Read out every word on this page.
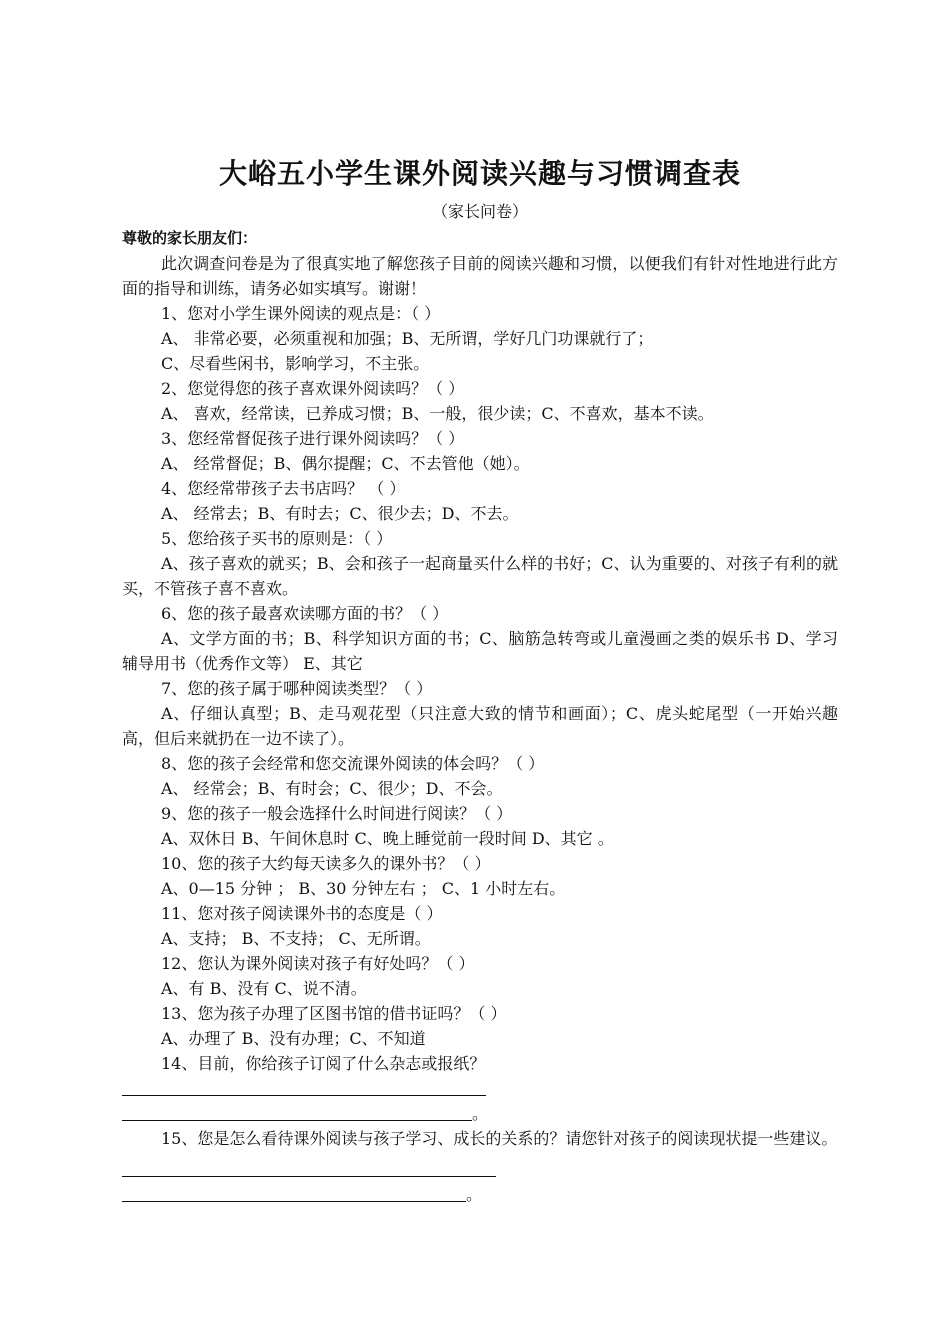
大峪五小学生课外阅读兴趣与习惯调查表
（家长问卷）
尊敬的家长朋友们：
此次调查问卷是为了很真实地了解您孩子目前的阅读兴趣和习惯，以便我们有针对性地进行此方面的指导和训练，请务必如实填写。谢谢！
1、您对小学生课外阅读的观点是：（ ）
A、 非常必要，必须重视和加强；B、无所谓，学好几门功课就行了；
C、尽看些闲书，影响学习，不主张。
2、您觉得您的孩子喜欢课外阅读吗？（ ）
A、 喜欢，经常读，已养成习惯；B、一般，很少读；C、不喜欢，基本不读。
3、您经常督促孩子进行课外阅读吗？（ ）
A、 经常督促；B、偶尔提醒；C、不去管他（她）。
4、您经常带孩子去书店吗？ （ ）
A、 经常去；B、有时去；C、很少去；D、不去。
5、您给孩子买书的原则是：（ ）
A、孩子喜欢的就买；B、会和孩子一起商量买什么样的书好；C、认为重要的、对孩子有利的就买，不管孩子喜不喜欢。
6、您的孩子最喜欢读哪方面的书？（ ）
A、文学方面的书；B、科学知识方面的书；C、脑筋急转弯或儿童漫画之类的娱乐书 D、学习辅导用书（优秀作文等） E、其它
7、您的孩子属于哪种阅读类型？（ ）
A、仔细认真型；B、走马观花型（只注意大致的情节和画面）；C、虎头蛇尾型（一开始兴趣高，但后来就扔在一边不读了）。
8、您的孩子会经常和您交流课外阅读的体会吗？（ ）
A、 经常会；B、有时会；C、很少；D、不会。
9、您的孩子一般会选择什么时间进行阅读？（ ）
A、双休日 B、午间休息时 C、晚上睡觉前一段时间 D、其它 。
10、您的孩子大约每天读多久的课外书？（ ）
A、0—15 分钟 ； B、30 分钟左右 ； C、1 小时左右。
11、您对孩子阅读课外书的态度是（ ）
A、支持； B、不支持； C、无所谓。
12、您认为课外阅读对孩子有好处吗？（ ）
A、有 B、没有 C、说不清。
13、您为孩子办理了区图书馆的借书证吗？（ ）
A、办理了 B、没有办理；C、不知道
14、目前，你给孩子订阅了什么杂志或报纸？
。
15、您是怎么看待课外阅读与孩子学习、成长的关系的？请您针对孩子的阅读现状提一些建议。
。
